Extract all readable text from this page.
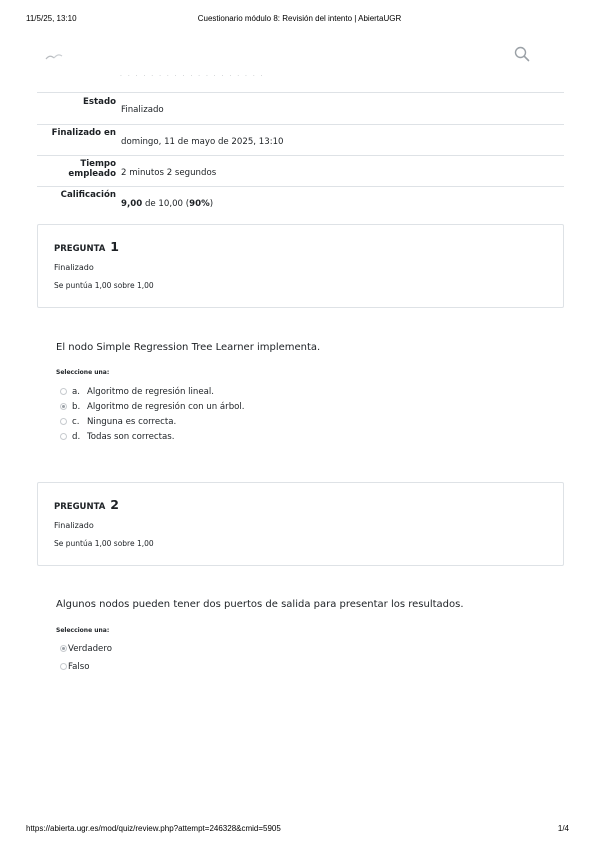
11/5/25, 13:10	Cuestionario módulo 8: Revisión del intento | AbiertaUGR
· · · · · · · · · · · · · · · · · · ·
Estado
Finalizado
Finalizado en
domingo, 11 de mayo de 2025, 13:10
Tiempo empleado 2 minutos 2 segundos
Calificación
9,00 de 10,00 (90%)
PREGUNTA 1
Finalizado
Se puntúa 1,00 sobre 1,00
El nodo Simple Regression Tree Learner implementa.
Seleccione una:
a. Algoritmo de regresión lineal.
b. Algoritmo de regresión con un árbol.
c. Ninguna es correcta.
d. Todas son correctas.
PREGUNTA 2
Finalizado
Se puntúa 1,00 sobre 1,00
Algunos nodos pueden tener dos puertos de salida para presentar los resultados.
Seleccione una:
Verdadero
Falso
https://abierta.ugr.es/mod/quiz/review.php?attempt=246328&cmid=5905	1/4
